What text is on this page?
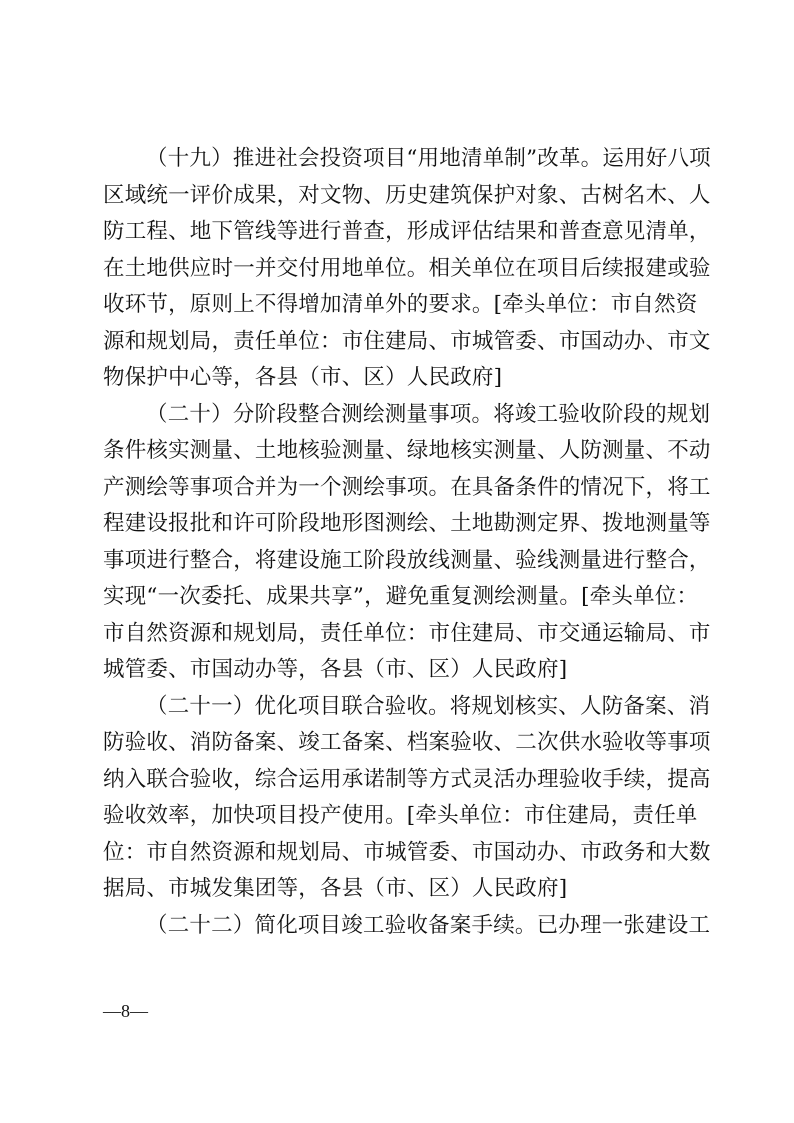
（十九）推进社会投资项目“用地清单制”改革。运用好八项
区域统一评价成果，对文物、历史建筑保护对象、古树名木、人
防工程、地下管线等进行普查，形成评估结果和普查意见清单，
在土地供应时一并交付用地单位。相关单位在项目后续报建或验
收环节，原则上不得增加清单外的要求。[牵头单位：市自然资
源和规划局，责任单位：市住建局、市城管委、市国动办、市文
物保护中心等，各县（市、区）人民政府]
（二十）分阶段整合测绘测量事项。将竣工验收阶段的规划
条件核实测量、土地核验测量、绿地核实测量、人防测量、不动
产测绘等事项合并为一个测绘事项。在具备条件的情况下，将工
程建设报批和许可阶段地形图测绘、土地勘测定界、拨地测量等
事项进行整合，将建设施工阶段放线测量、验线测量进行整合，
实现“一次委托、成果共享”，避免重复测绘测量。[牵头单位：
市自然资源和规划局，责任单位：市住建局、市交通运输局、市
城管委、市国动办等，各县（市、区）人民政府]
（二十一）优化项目联合验收。将规划核实、人防备案、消
防验收、消防备案、竣工备案、档案验收、二次供水验收等事项
纳入联合验收，综合运用承诺制等方式灵活办理验收手续，提高
验收效率，加快项目投产使用。[牵头单位：市住建局，责任单
位：市自然资源和规划局、市城管委、市国动办、市政务和大数
据局、市城发集团等，各县（市、区）人民政府]
（二十二）简化项目竣工验收备案手续。已办理一张建设工
—8—
